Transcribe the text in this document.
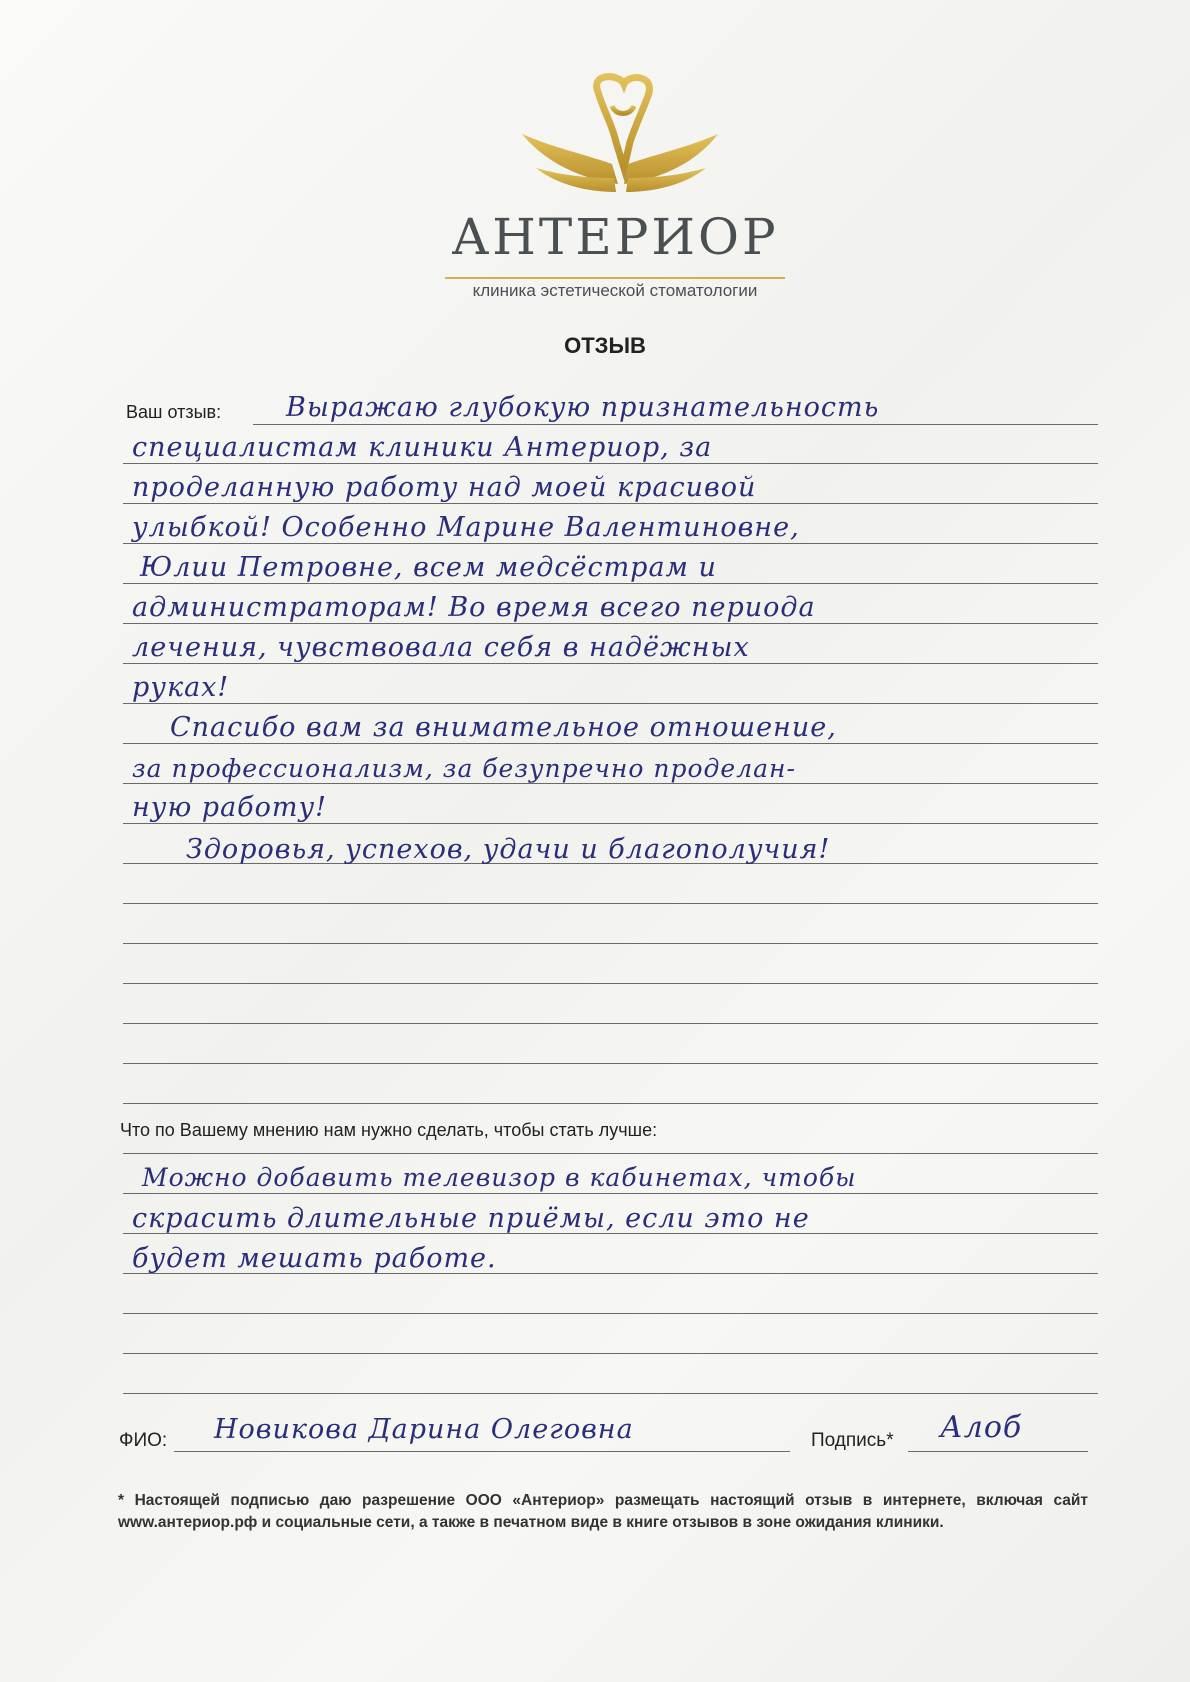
АНТЕРИОР
клиника эстетической стоматологии
ОТЗЫВ
Ваш отзыв: Выражаю глубокую признательность
специалистам клиники Антериор, за
проделанную работу над моей красивой
улыбкой! Особенно Марине Валентиновне,
Юлии Петровне, всем медсёстрам и
администраторам! Во время всего периода
лечения, чувствовала себя в надёжных
руках!
Спасибо вам за внимательное отношение,
за профессионализм, за безупречно проделан-
ную работу!
Здоровья, успехов, удачи и благополучия!
Что по Вашему мнению нам нужно сделать, чтобы стать лучше:
Можно добавить телевизор в кабинетах, чтобы
скрасить длительные приёмы, если это не
будет мешать работе.
ФИО: Новикова Дарина Олеговна	Подпись* Алоб
* Настоящей подписью даю разрешение ООО «Антериор» размещать настоящий отзыв в интернете, включая сайт www.антериор.рф и социальные сети, а также в печатном виде в книге отзывов в зоне ожидания клиники.
